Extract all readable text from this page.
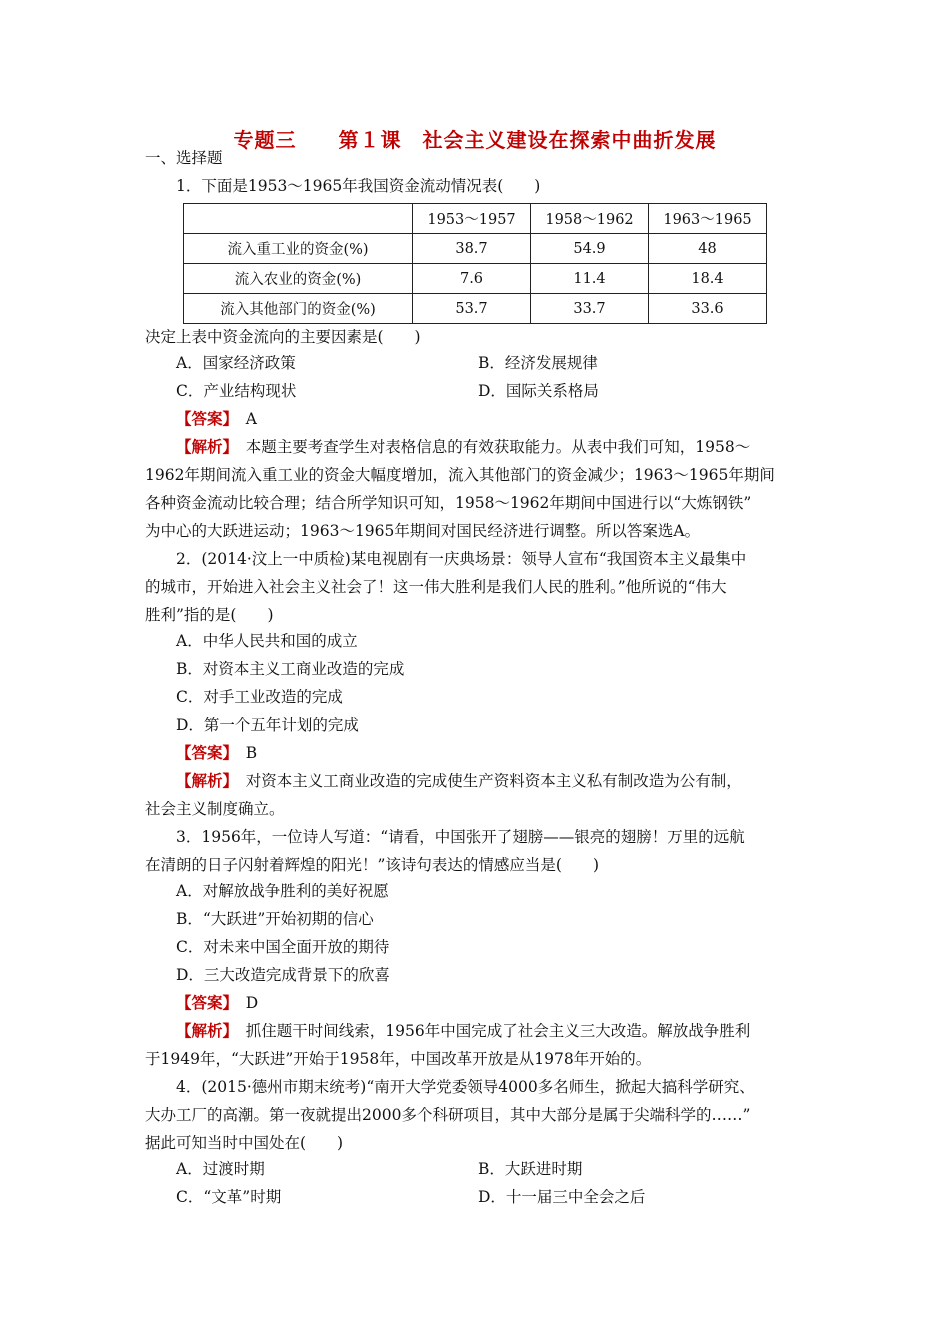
专题三　　第１课　社会主义建设在探索中曲折发展
一、选择题
1．下面是1953～1965年我国资金流动情况表(　　)
	1953～1957	1958～1962	1963～1965
流入重工业的资金(%)	38.7	54.9	48
流入农业的资金(%)	7.6	11.4	18.4
流入其他部门的资金(%)	53.7	33.7	33.6
决定上表中资金流向的主要因素是(　　)
A．国家经济政策	B．经济发展规律
C．产业结构现状	D．国际关系格局
【答案】　 A
【解析】　 本题主要考查学生对表格信息的有效获取能力。从表中我们可知，1958～
1962年期间流入重工业的资金大幅度增加，流入其他部门的资金减少；1963～1965年期间
各种资金流动比较合理；结合所学知识可知，1958～1962年期间中国进行以“大炼钢铁”
为中心的大跃进运动；1963～1965年期间对国民经济进行调整。所以答案选A。
2．(2014·汶上一中质检)某电视剧有一庆典场景：领导人宣布“我国资本主义最集中
的城市，开始进入社会主义社会了！这一伟大胜利是我们人民的胜利。”他所说的“伟大
胜利”指的是(　　)
A．中华人民共和国的成立
B．对资本主义工商业改造的完成
C．对手工业改造的完成
D．第一个五年计划的完成
【答案】　 B
【解析】　 对资本主义工商业改造的完成使生产资料资本主义私有制改造为公有制，
社会主义制度确立。
3．1956年，一位诗人写道：“请看，中国张开了翅膀——银亮的翅膀！万里的远航
在清朗的日子闪射着辉煌的阳光！”该诗句表达的情感应当是(　　)
A．对解放战争胜利的美好祝愿
B．“大跃进”开始初期的信心
C．对未来中国全面开放的期待
D．三大改造完成背景下的欣喜
【答案】　 D
【解析】　 抓住题干时间线索，1956年中国完成了社会主义三大改造。解放战争胜利
于1949年，“大跃进”开始于1958年，中国改革开放是从1978年开始的。
4．(2015·德州市期末统考)“南开大学党委领导4000多名师生，掀起大搞科学研究、
大办工厂的高潮。第一夜就提出2000多个科研项目，其中大部分是属于尖端科学的……”
据此可知当时中国处在(　　)
A．过渡时期	B．大跃进时期
C．“文革”时期	D．十一届三中全会之后
